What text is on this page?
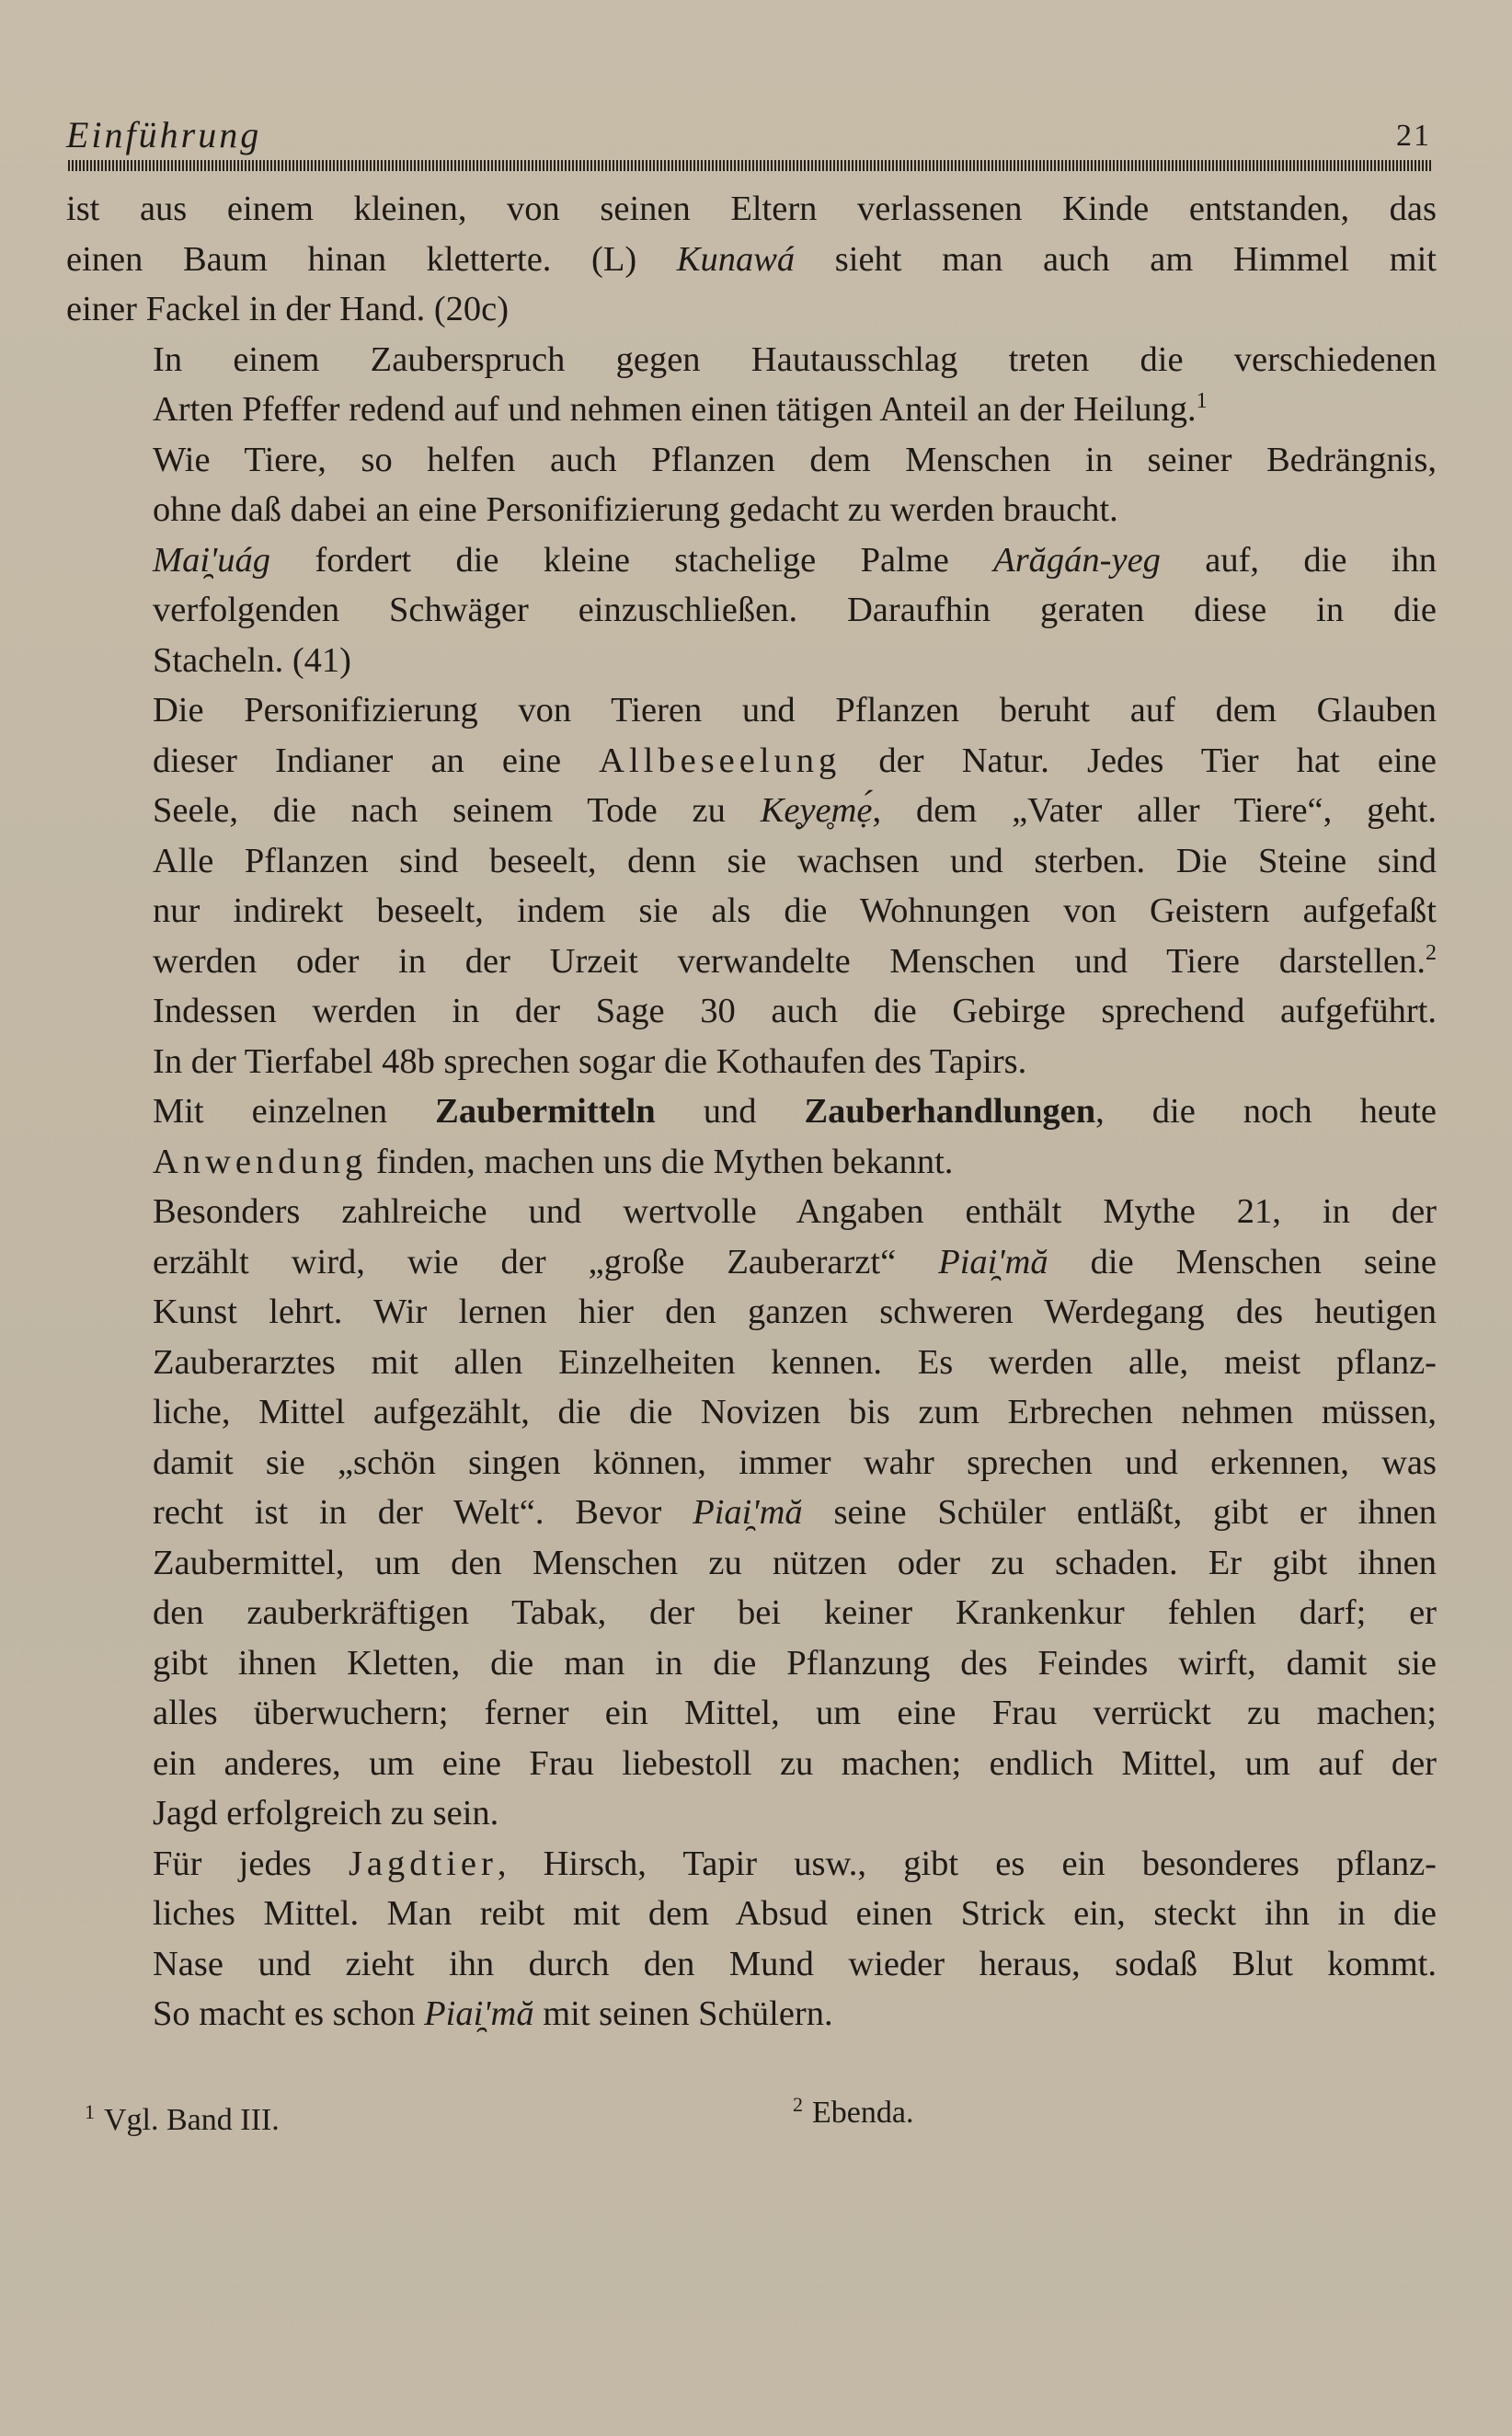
Einführung	21

ist aus einem kleinen, von seinen Eltern verlassenen Kinde entstanden, das
einen Baum hinan kletterte. (L) Kunawá sieht man auch am Himmel mit
einer Fackel in der Hand. (20c)

In einem Zauberspruch gegen Hautausschlag treten die verschiedenen
Arten Pfeffer redend auf und nehmen einen tätigen Anteil an der Heilung.$^1$

Wie Tiere, so helfen auch Pflanzen dem Menschen in seiner Bedrängnis,
ohne daß dabei an eine Personifizierung gedacht zu werden braucht.

Mai̯'uág fordert die kleine stachelige Palme Arăgán-yeg auf, die ihn
verfolgenden Schwäger einzuschließen. Daraufhin geraten diese in die
Stacheln. (41)

Die Personifizierung von Tieren und Pflanzen beruht auf dem Glauben
dieser Indianer an eine Allbeseelung der Natur. Jedes Tier hat eine
Seele, die nach seinem Tode zu Ke̥ye̥mẹ́, dem „Vater aller Tiere“, geht.
Alle Pflanzen sind beseelt, denn sie wachsen und sterben. Die Steine sind
nur indirekt beseelt, indem sie als die Wohnungen von Geistern aufgefaßt
werden oder in der Urzeit verwandelte Menschen und Tiere darstellen.$^2$
Indessen werden in der Sage 30 auch die Gebirge sprechend aufgeführt.
In der Tierfabel 48b sprechen sogar die Kothaufen des Tapirs.

Mit einzelnen Zaubermitteln und Zauberhandlungen, die noch heute
Anwendung finden, machen uns die Mythen bekannt.

Besonders zahlreiche und wertvolle Angaben enthält Mythe 21, in der
erzählt wird, wie der „große Zauberarzt“ Piai̯'mă die Menschen seine
Kunst lehrt. Wir lernen hier den ganzen schweren Werdegang des heutigen
Zauberarztes mit allen Einzelheiten kennen. Es werden alle, meist pflanz-
liche, Mittel aufgezählt, die die Novizen bis zum Erbrechen nehmen müssen,
damit sie „schön singen können, immer wahr sprechen und erkennen, was
recht ist in der Welt“. Bevor Piai̯'mă seine Schüler entläßt, gibt er ihnen
Zaubermittel, um den Menschen zu nützen oder zu schaden. Er gibt ihnen
den zauberkräftigen Tabak, der bei keiner Krankenkur fehlen darf; er
gibt ihnen Kletten, die man in die Pflanzung des Feindes wirft, damit sie
alles überwuchern; ferner ein Mittel, um eine Frau verrückt zu machen;
ein anderes, um eine Frau liebestoll zu machen; endlich Mittel, um auf der
Jagd erfolgreich zu sein.

Für jedes Jagdtier, Hirsch, Tapir usw., gibt es ein besonderes pflanz-
liches Mittel. Man reibt mit dem Absud einen Strick ein, steckt ihn in die
Nase und zieht ihn durch den Mund wieder heraus, sodaß Blut kommt.
So macht es schon Piai̯'mă mit seinen Schülern.

$^1$ Vgl. Band III.	$^2$ Ebenda.
